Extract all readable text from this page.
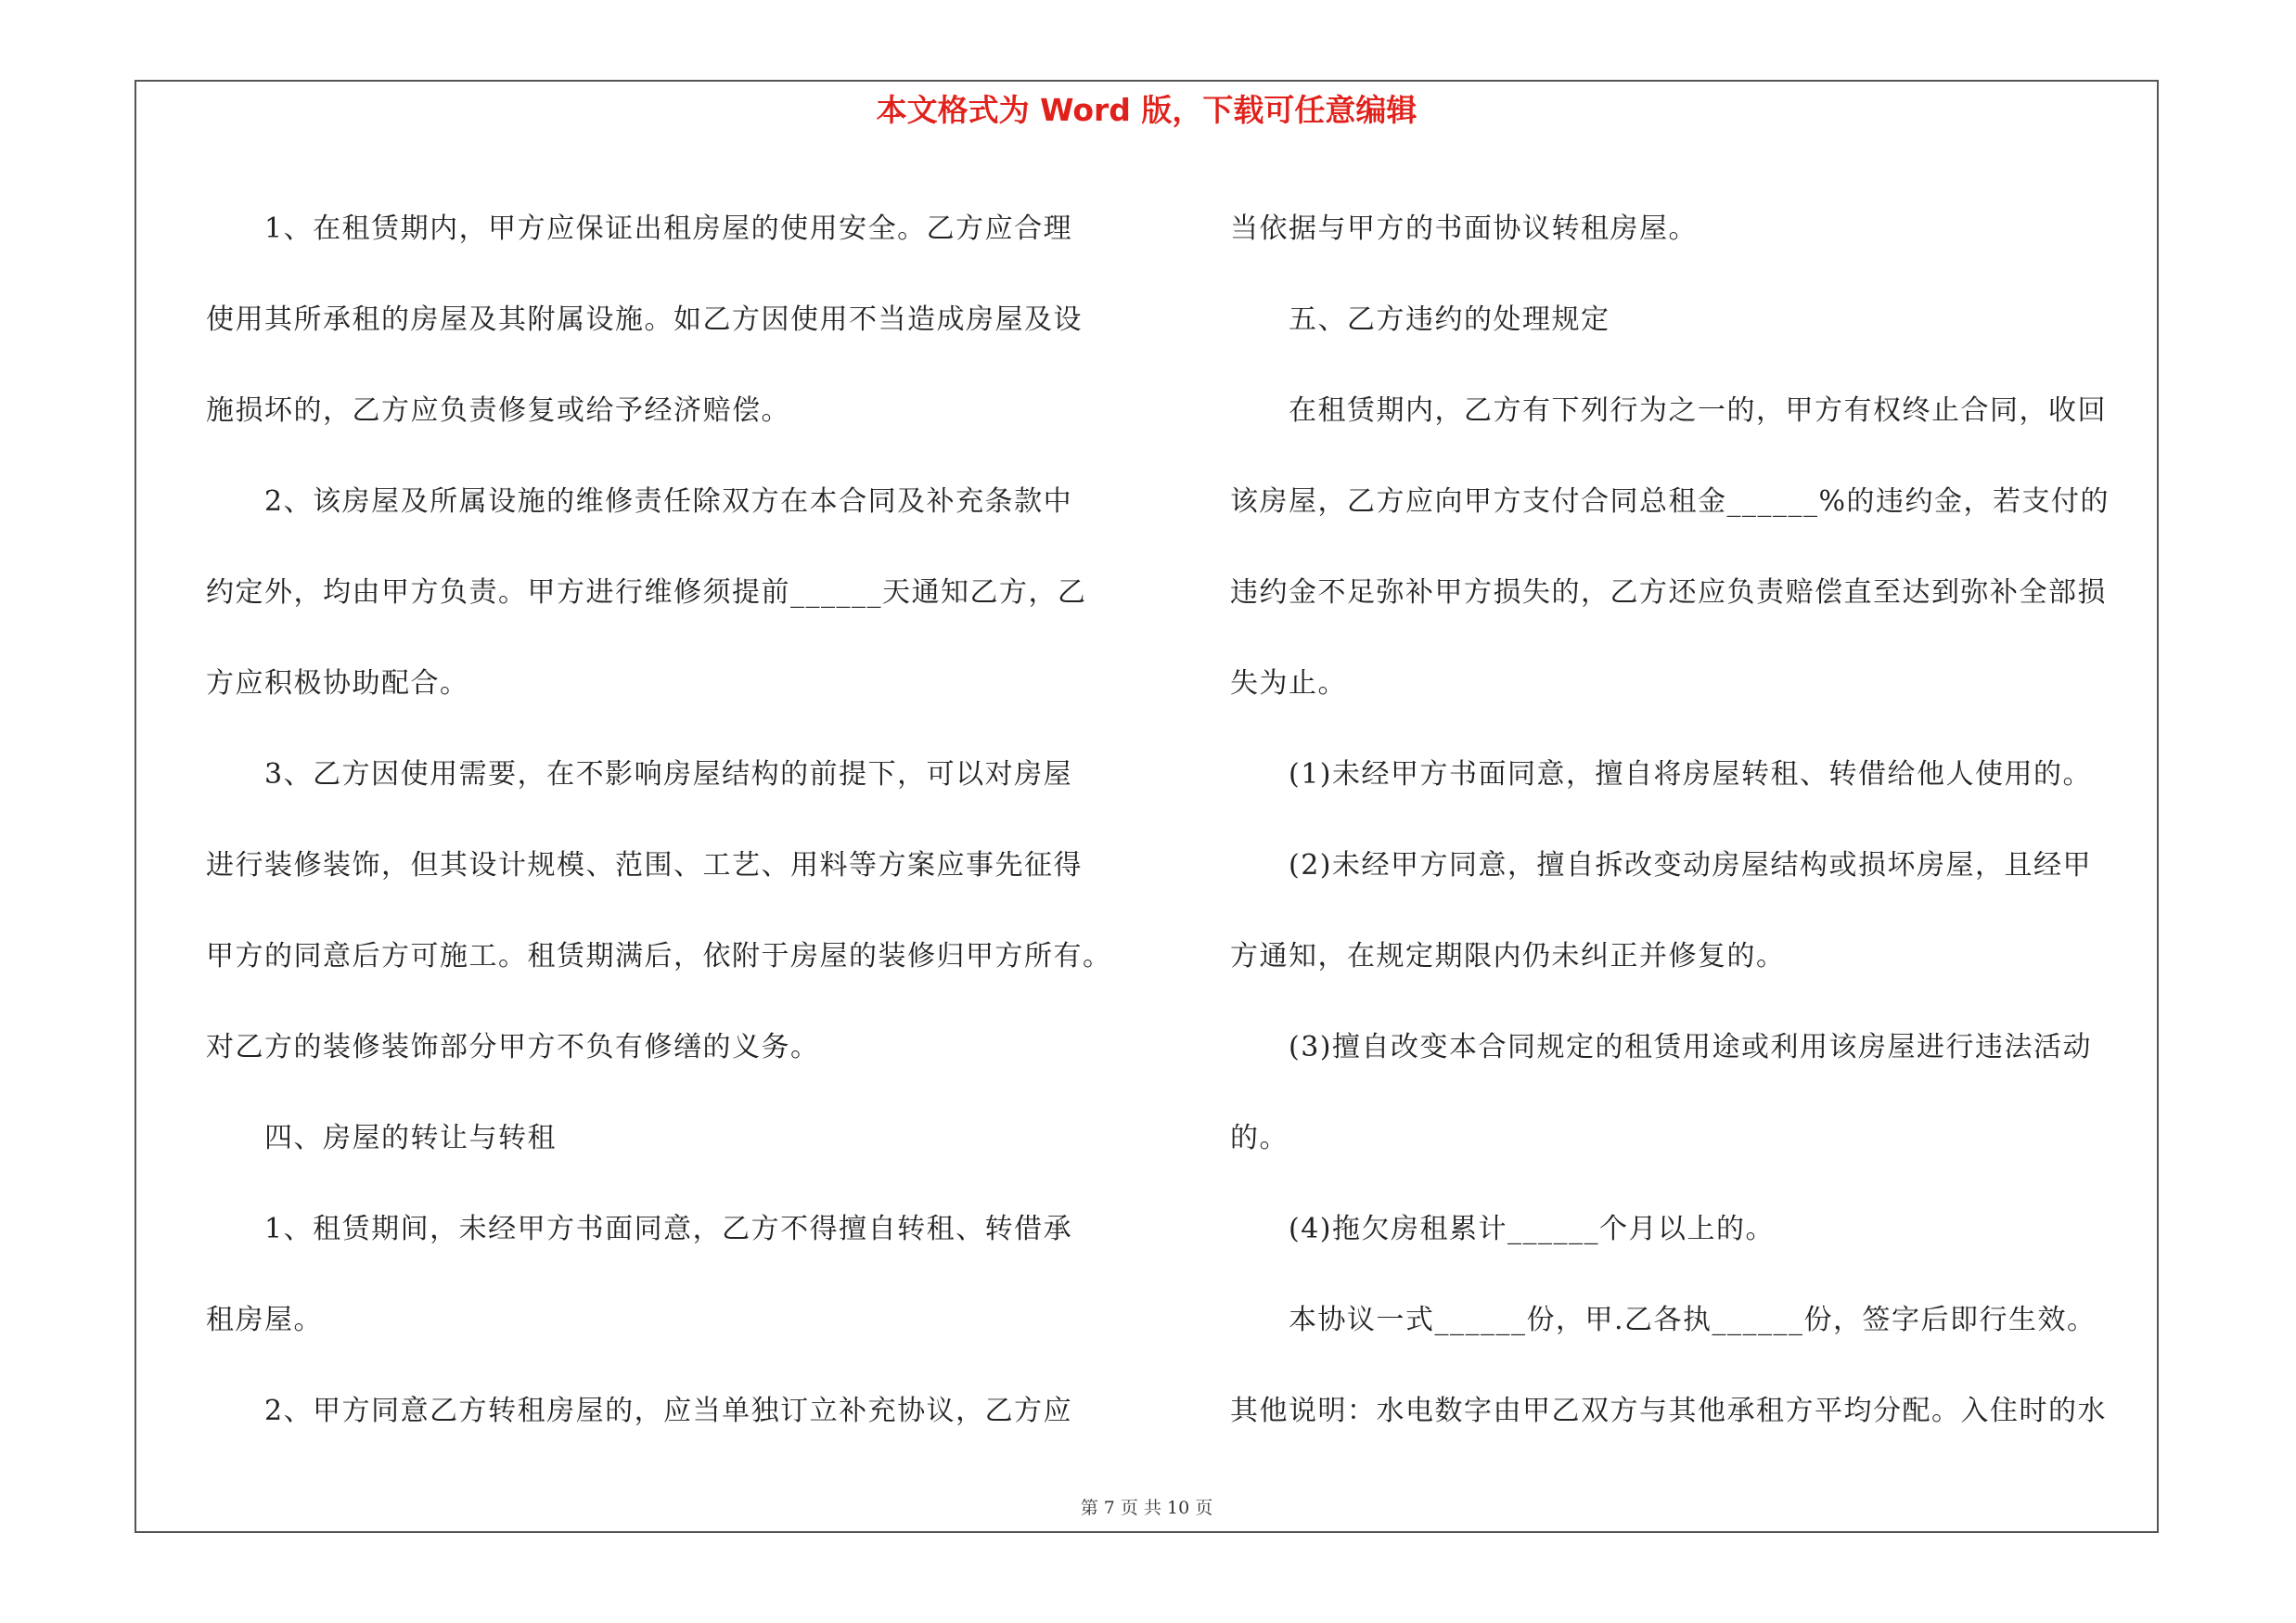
本文格式为 Word 版，下载可任意编辑

1、在租赁期内，甲方应保证出租房屋的使用安全。乙方应合理

使用其所承租的房屋及其附属设施。如乙方因使用不当造成房屋及设

施损坏的，乙方应负责修复或给予经济赔偿。

2、该房屋及所属设施的维修责任除双方在本合同及补充条款中

约定外，均由甲方负责。甲方进行维修须提前______天通知乙方，乙

方应积极协助配合。

3、乙方因使用需要，在不影响房屋结构的前提下，可以对房屋

进行装修装饰，但其设计规模、范围、工艺、用料等方案应事先征得

甲方的同意后方可施工。租赁期满后，依附于房屋的装修归甲方所有。

对乙方的装修装饰部分甲方不负有修缮的义务。

四、房屋的转让与转租

1、租赁期间，未经甲方书面同意，乙方不得擅自转租、转借承

租房屋。

2、甲方同意乙方转租房屋的，应当单独订立补充协议，乙方应

当依据与甲方的书面协议转租房屋。

五、乙方违约的处理规定

在租赁期内，乙方有下列行为之一的，甲方有权终止合同，收回

该房屋，乙方应向甲方支付合同总租金______%的违约金，若支付的

违约金不足弥补甲方损失的，乙方还应负责赔偿直至达到弥补全部损

失为止。

(1)未经甲方书面同意，擅自将房屋转租、转借给他人使用的。

(2)未经甲方同意，擅自拆改变动房屋结构或损坏房屋，且经甲

方通知，在规定期限内仍未纠正并修复的。

(3)擅自改变本合同规定的租赁用途或利用该房屋进行违法活动

的。

(4)拖欠房租累计______个月以上的。

本协议一式______份，甲.乙各执______份，签字后即行生效。

其他说明：水电数字由甲乙双方与其他承租方平均分配。入住时的水

第 7 页 共 10 页
